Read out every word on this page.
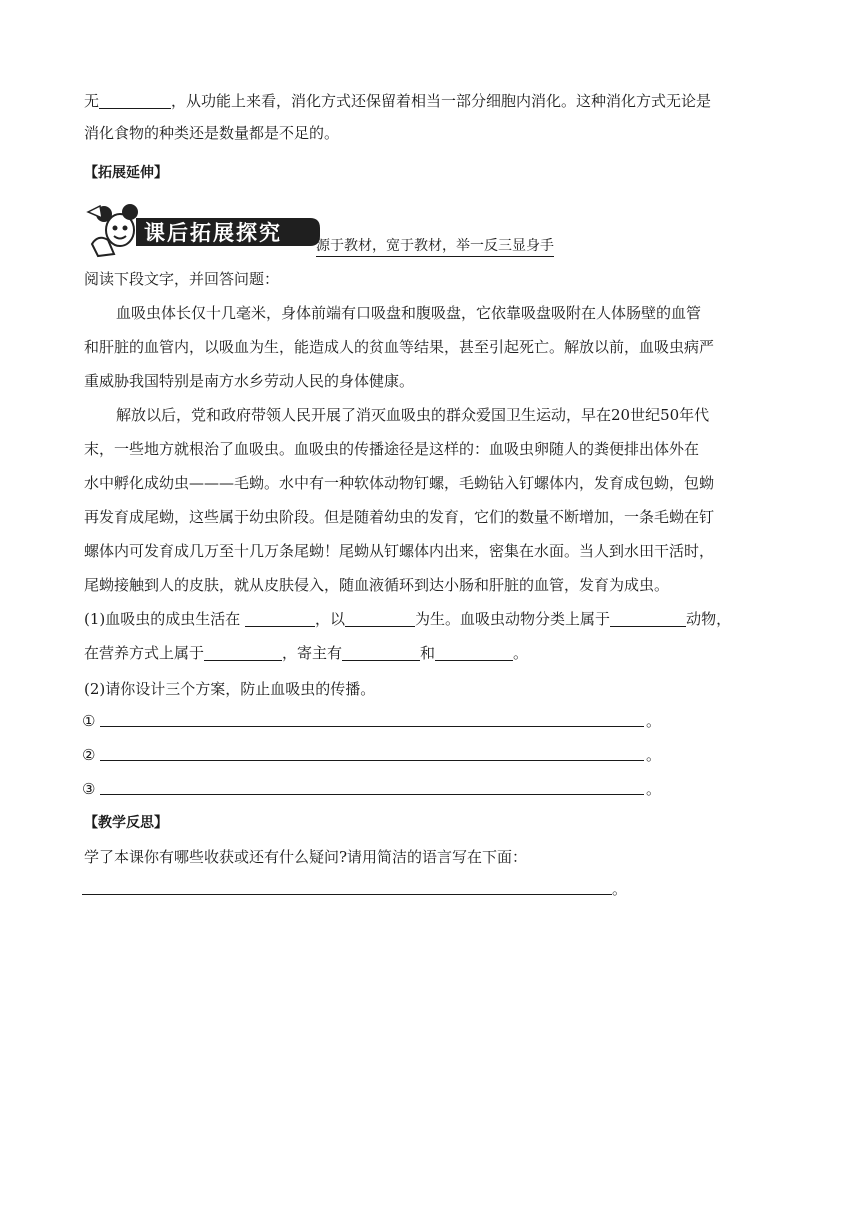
无	，从功能上来看，消化方式还保留着相当一部分细胞内消化。这种消化方式无论是
消化食物的种类还是数量都是不足的。
【拓展延伸】
课后拓展探究
源于教材，宽于教材，举一反三显身手
阅读下段文字，并回答问题：
血吸虫体长仅十几毫米，身体前端有口吸盘和腹吸盘，它依靠吸盘吸附在人体肠壁的血管
和肝脏的血管内，以吸血为生，能造成人的贫血等结果，甚至引起死亡。解放以前，血吸虫病严
重威胁我国特别是南方水乡劳动人民的身体健康。
解放以后，党和政府带领人民开展了消灭血吸虫的群众爱国卫生运动，早在20世纪50年代
末，一些地方就根治了血吸虫。血吸虫的传播途径是这样的：血吸虫卵随人的粪便排出体外在
水中孵化成幼虫———毛蚴。水中有一种软体动物钉螺，毛蚴钻入钉螺体内，发育成包蚴，包蚴
再发育成尾蚴，这些属于幼虫阶段。但是随着幼虫的发育，它们的数量不断增加，一条毛蚴在钉
螺体内可发育成几万至十几万条尾蚴！尾蚴从钉螺体内出来，密集在水面。当人到水田干活时，
尾蚴接触到人的皮肤，就从皮肤侵入，随血液循环到达小肠和肝脏的血管，发育为成虫。
(1)血吸虫的成虫生活在	，以	为生。血吸虫动物分类上属于	动物，
在营养方式上属于	，寄主有	和	。
(2)请你设计三个方案，防止血吸虫的传播。
①	。
②	。
③	。
【教学反思】
学了本课你有哪些收获或还有什么疑问?请用简洁的语言写在下面：
。
